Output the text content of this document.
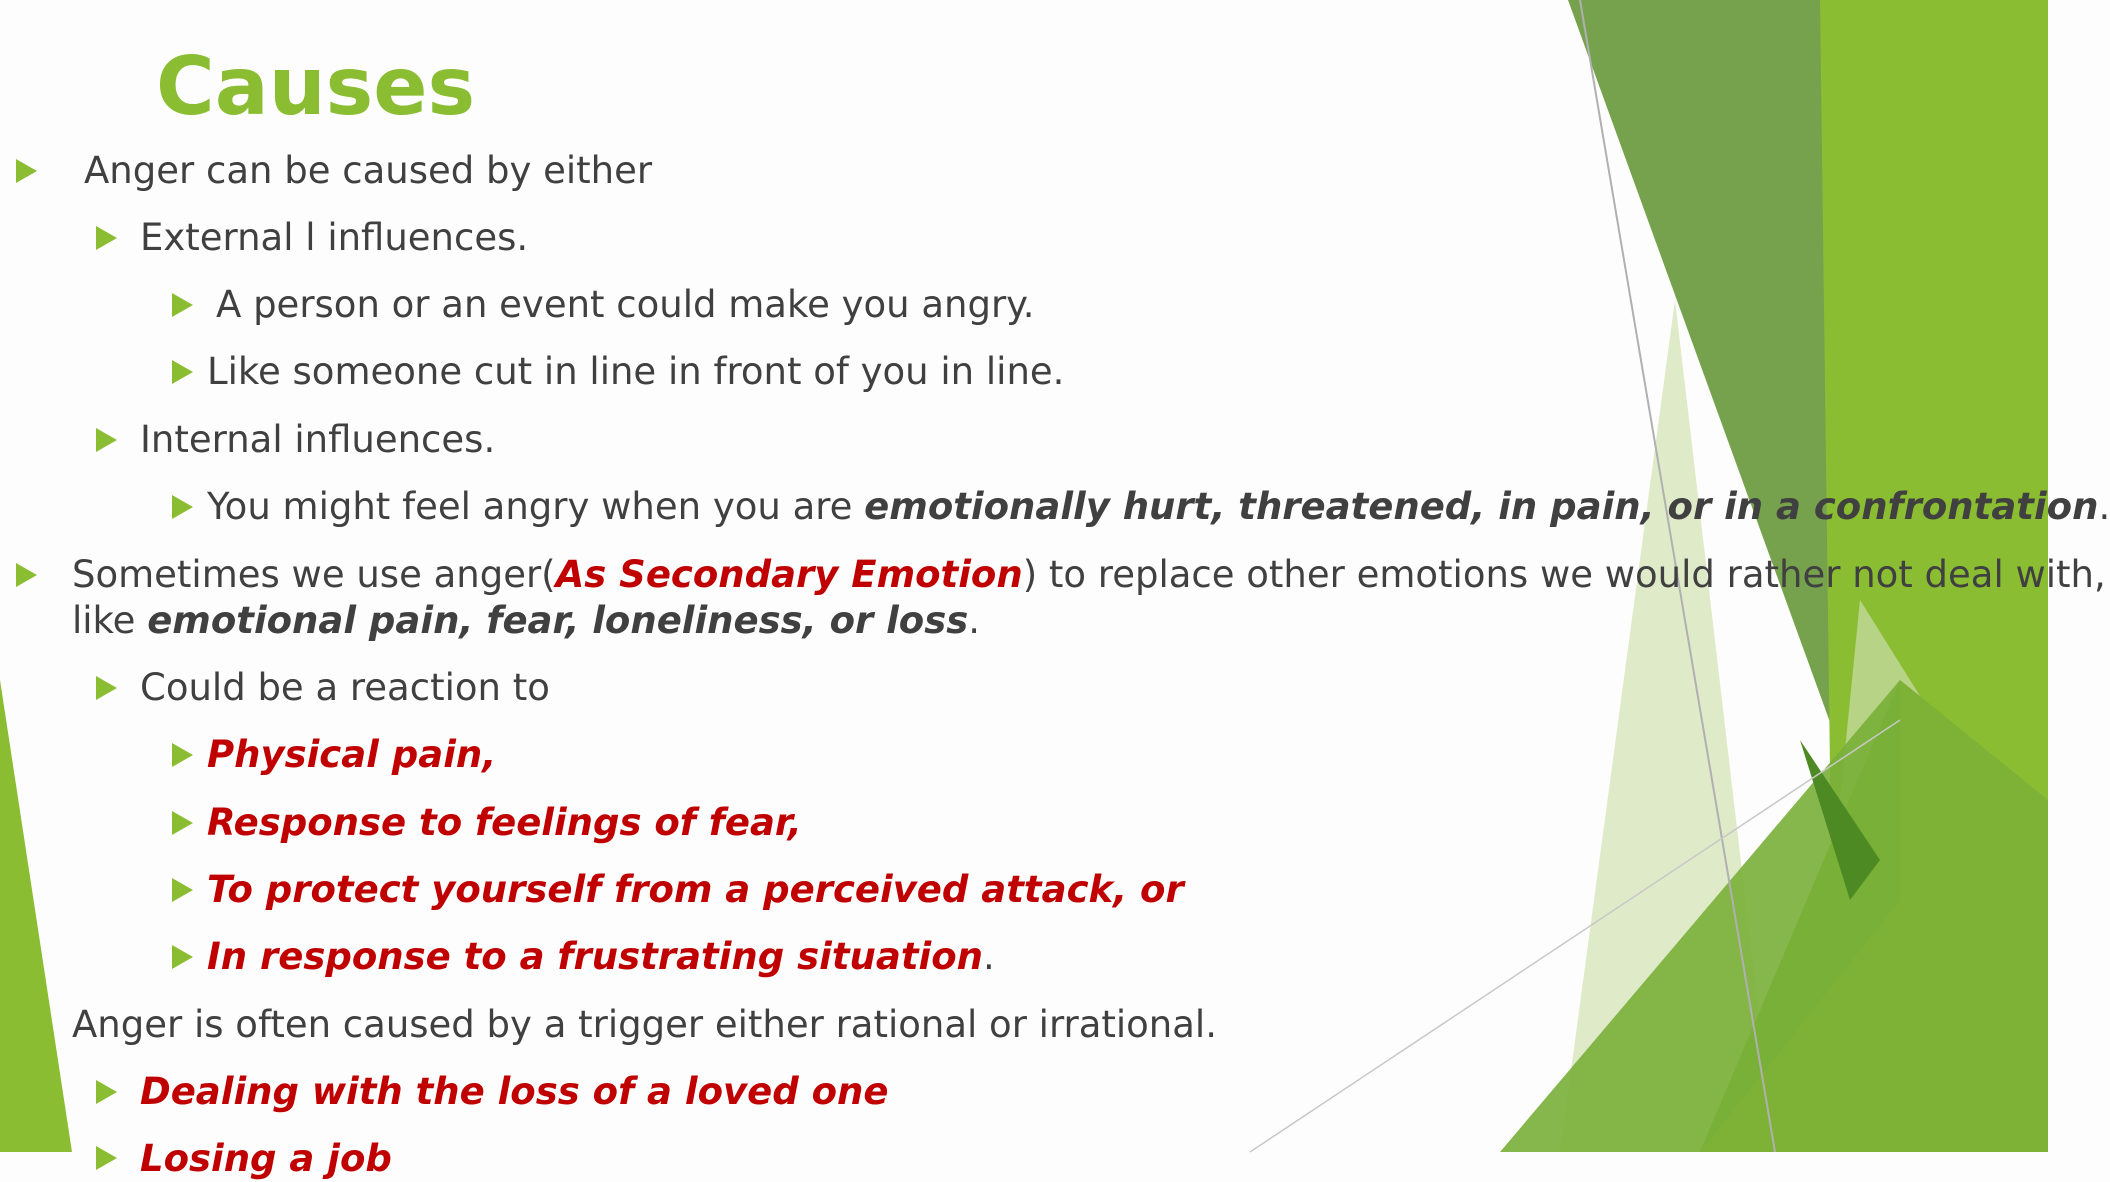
Causes
Anger can be caused by either
External l influences.
A person or an event could make you angry.
Like someone cut in line in front of you in line.
Internal influences.
You might feel angry when you are emotionally hurt, threatened, in pain, or in a confrontation.
Sometimes we use anger(As Secondary Emotion) to replace other emotions we would rather not deal with,
like emotional pain, fear, loneliness, or loss.
Could be a reaction to
Physical pain,
Response to feelings of fear,
To protect yourself from a perceived attack, or
In response to a frustrating situation.
Anger is often caused by a trigger either rational or irrational.
Dealing with the loss of a loved one
Losing a job
